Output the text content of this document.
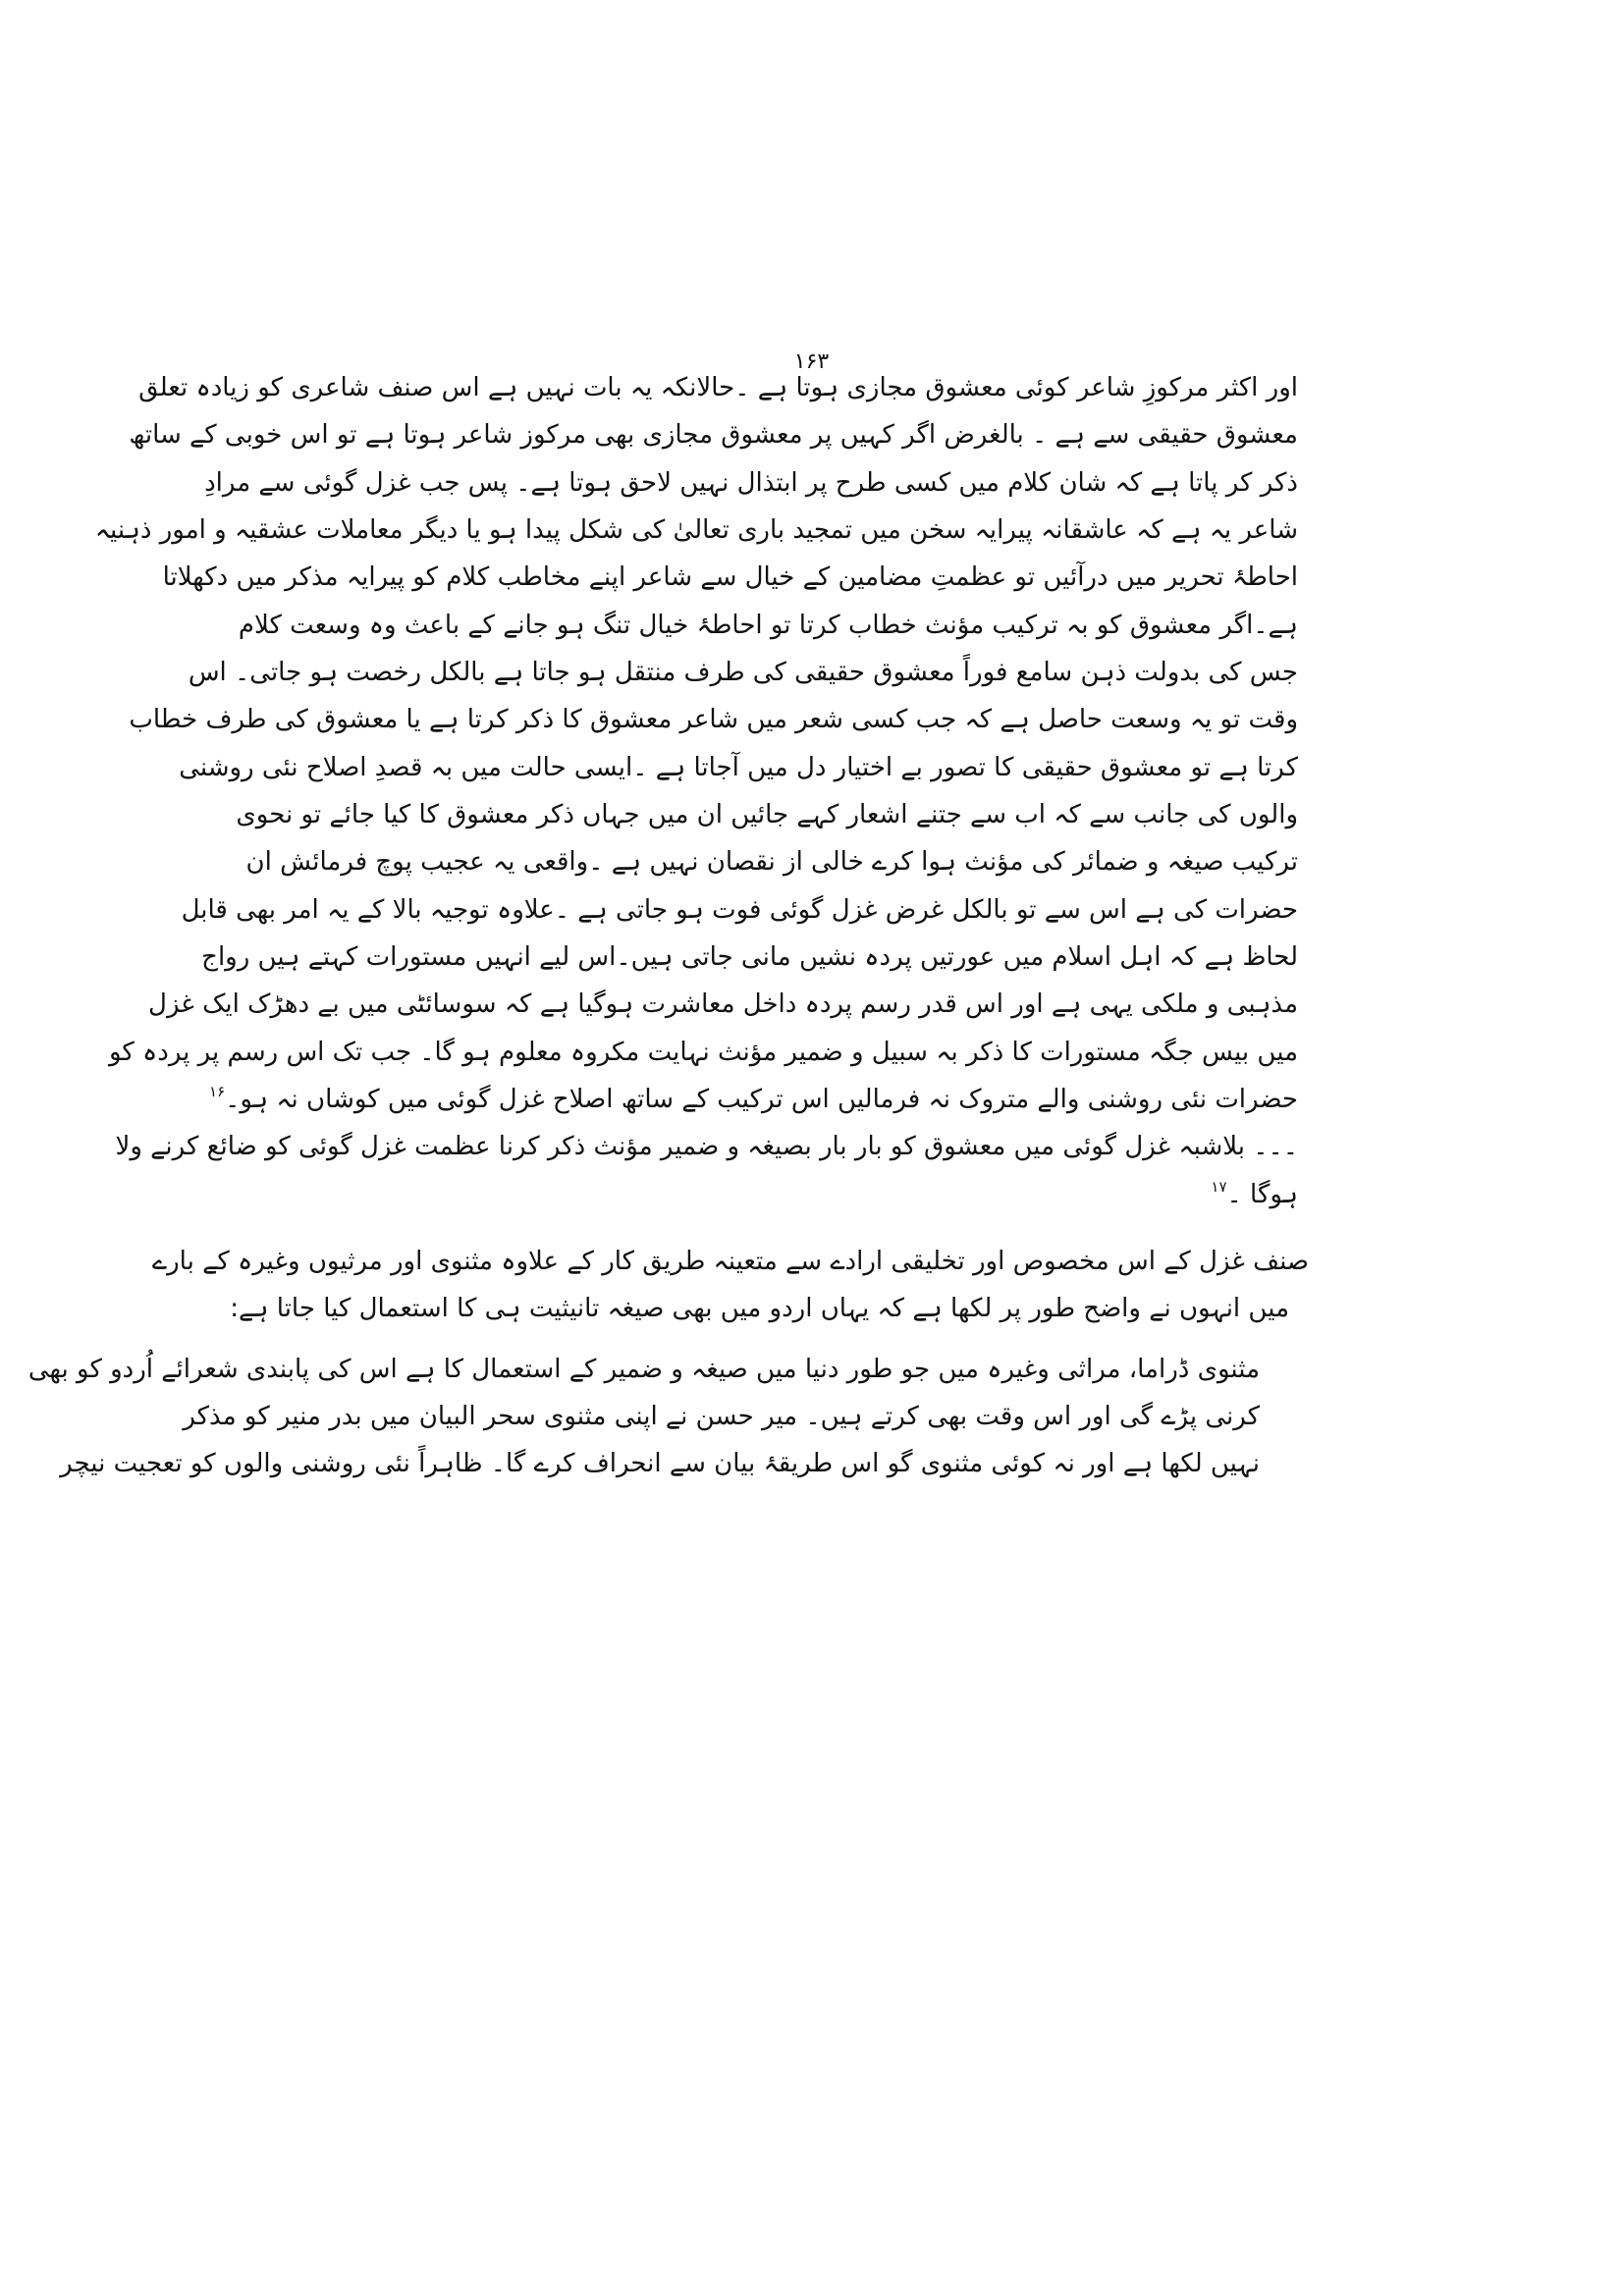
۱۶۳
اور اکثر مرکوزِ شاعر کوئی معشوق مجازی ہوتا ہے ۔حالانکہ یہ بات نہیں ہے اس صنف شاعری کو زیادہ تعلق
معشوق حقیقی سے ہے ۔ بالغرض اگر کہیں پر معشوق مجازی بھی مرکوز شاعر ہوتا ہے تو اس خوبی کے ساتھ
ذکر کر پاتا ہے کہ شان کلام میں کسی طرح پر ابتذال نہیں لاحق ہوتا ہے۔ پس جب غزل گوئی سے مرادِ
شاعر یہ ہے کہ عاشقانہ پیرایہ سخن میں تمجید باری تعالیٰ کی شکل پیدا ہو یا دیگر معاملات عشقیہ و امور ذہنیہ
احاطۂ تحریر میں درآئیں تو عظمتِ مضامین کے خیال سے شاعر اپنے مخاطب کلام کو پیرایہ مذکر میں دکھلاتا
ہے۔اگر معشوق کو بہ ترکیب مؤنث خطاب کرتا تو احاطۂ خیال تنگ ہو جانے کے باعث وہ وسعت کلام
جس کی بدولت ذہن سامع فوراً معشوق حقیقی کی طرف منتقل ہو جاتا ہے بالکل رخصت ہو جاتی۔ اس
وقت تو یہ وسعت حاصل ہے کہ جب کسی شعر میں شاعر معشوق کا ذکر کرتا ہے یا معشوق کی طرف خطاب
کرتا ہے تو معشوق حقیقی کا تصور بے اختیار دل میں آجاتا ہے ۔ایسی حالت میں بہ قصدِ اصلاح نئی روشنی
والوں کی جانب سے کہ اب سے جتنے اشعار کہے جائیں ان میں جہاں ذکر معشوق کا کیا جائے تو نحوی
ترکیب صیغہ و ضمائر کی مؤنث ہوا کرے خالی از نقصان نہیں ہے ۔واقعی یہ عجیب پوچ فرمائش ان
حضرات کی ہے اس سے تو بالکل غرض غزل گوئی فوت ہو جاتی ہے ۔علاوہ توجیہ بالا کے یہ امر بھی قابل
لحاظ ہے کہ اہل اسلام میں عورتیں پردہ نشیں مانی جاتی ہیں۔اس لیے انہیں مستورات کہتے ہیں رواج
مذہبی و ملکی یہی ہے اور اس قدر رسم پردہ داخل معاشرت ہوگیا ہے کہ سوسائٹی میں بے دھڑک ایک غزل
میں بیس جگہ مستورات کا ذکر بہ سبیل و ضمیر مؤنث نہایت مکروہ معلوم ہو گا۔ جب تک اس رسم پر پردہ کو
حضرات نئی روشنی والے متروک نہ فرمالیں اس ترکیب کے ساتھ اصلاح غزل گوئی میں کوشاں نہ ہو۔$^{۱۶}$
۔۔۔ بلاشبہ غزل گوئی میں معشوق کو بار بار بصیغہ و ضمیر مؤنث ذکر کرنا عظمت غزل گوئی کو ضائع کرنے ولا
ہوگا ۔$^{۱۷}$
صنف غزل کے اس مخصوص اور تخلیقی ارادے سے متعینہ طریق کار کے علاوہ مثنوی اور مرثیوں وغیرہ کے بارے
میں انہوں نے واضح طور پر لکھا ہے کہ یہاں اردو میں بھی صیغہ تانیثیت ہی کا استعمال کیا جاتا ہے:
مثنوی ڈراما، مراثی وغیرہ میں جو طور دنیا میں صیغہ و ضمیر کے استعمال کا ہے اس کی پابندی شعرائے اُردو کو بھی
کرنی پڑے گی اور اس وقت بھی کرتے ہیں۔ میر حسن نے اپنی مثنوی سحر البیان میں بدر منیر کو مذکر
نہیں لکھا ہے اور نہ کوئی مثنوی گو اس طریقۂ بیان سے انحراف کرے گا۔ ظاہراً نئی روشنی والوں کو تعجیت نیچر
